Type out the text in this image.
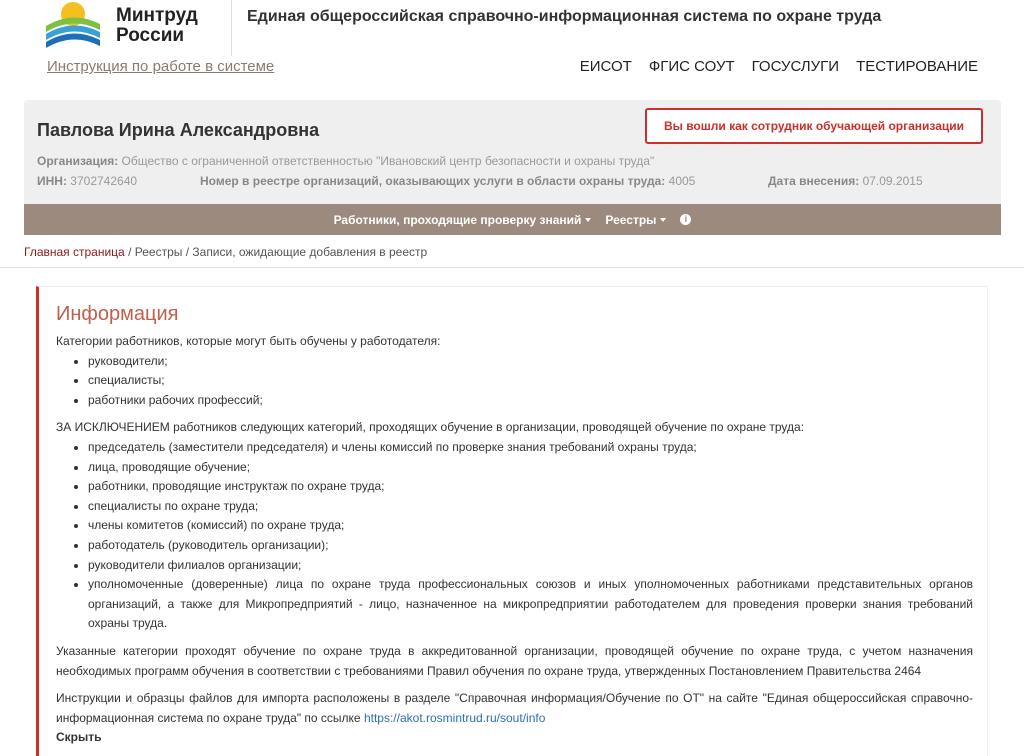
Минтруд
России
Единая общероссийская справочно-информационная система по охране труда
Инструкция по работе в системе	ЕИСОТ ФГИС СОУТ ГОСУСЛУГИ ТЕСТИРОВАНИЕ
Павлова Ирина Александровна	Вы вошли как сотрудник обучающей организации
Организация: Общество с ограниченной ответственностью "Ивановский центр безопасности и охраны труда"
ИНН: 3702742640	Номер в реестре организаций, оказывающих услуги в области охраны труда: 4005	Дата внесения: 07.09.2015
Работники, проходящие проверку знаний	Реестры	i
Главная страница / Реестры / Записи, ожидающие добавления в реестр
Информация

Категории работников, которые могут быть обучены у работодателя:

• руководители;
• специалисты;
• работники рабочих профессий;

ЗА ИСКЛЮЧЕНИЕМ работников следующих категорий, проходящих обучение в организации, проводящей обучение по охране труда:

• председатель (заместители председателя) и члены комиссий по проверке знания требований охраны труда;
• лица, проводящие обучение;
• работники, проводящие инструктаж по охране труда;
• специалисты по охране труда;
• члены комитетов (комиссий) по охране труда;
• работодатель (руководитель организации);
• руководители филиалов организации;
• уполномоченные (доверенные) лица по охране труда профессиональных союзов и иных уполномоченных работниками представительных органов организаций, а также для Микропредприятий - лицо, назначенное на микропредприятии работодателем для проведения проверки знания требований охраны труда.

Указанные категории проходят обучение по охране труда в аккредитованной организации, проводящей обучение по охране труда, с учетом назначения необходимых программ обучения в соответствии с требованиями Правил обучения по охране труда, утвержденных Постановлением Правительства 2464

Инструкции и образцы файлов для импорта расположены в разделе "Справочная информация/Обучение по ОТ" на сайте "Единая общероссийская справочно-информационная система по охране труда" по ссылке https://akot.rosmintrud.ru/sout/info

Скрыть
